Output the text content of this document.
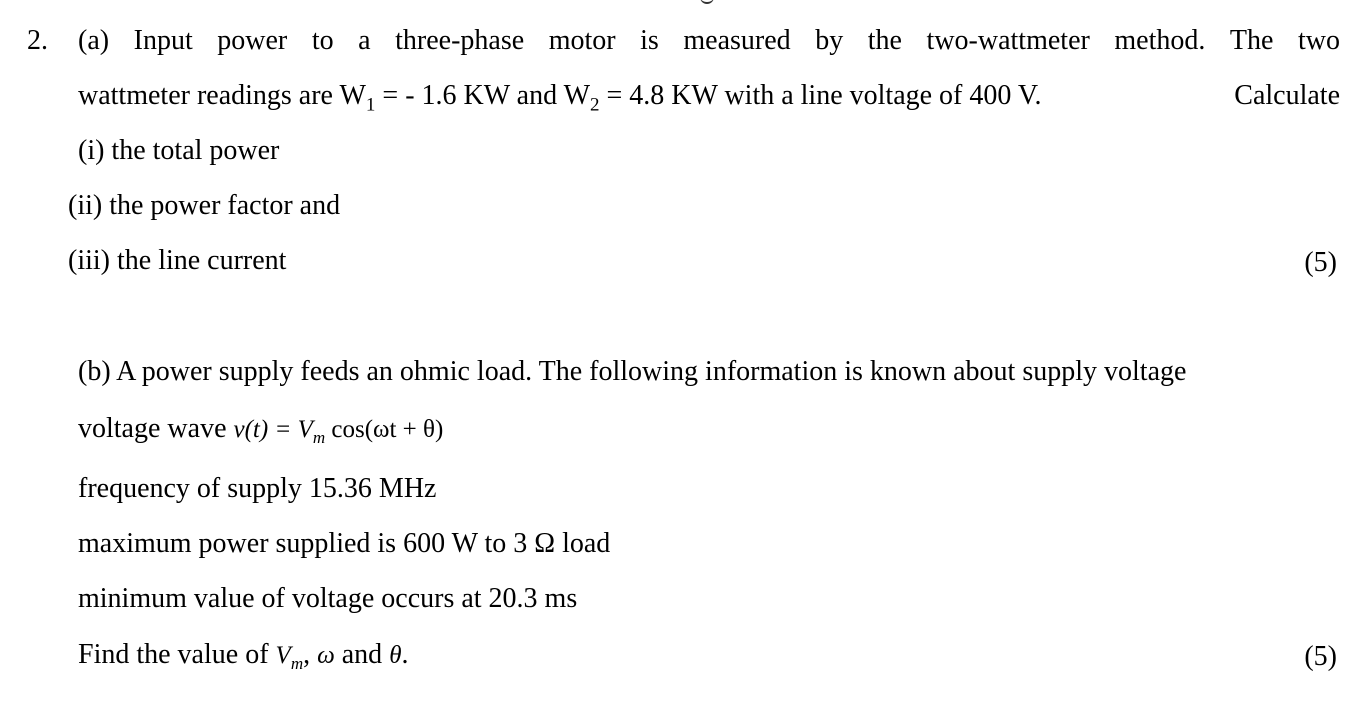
2. (a) Input power to a three-phase motor is measured by the two-wattmeter method. The two
wattmeter readings are $W_1$ = - 1.6 KW and $W_2 = 4.8$ KW with a line voltage of 400 V.	Calculate
(i) the total power
(ii) the power factor and
(iii) the line current	(5)
(b) A power supply feeds an ohmic load. The following information is known about supply voltage
voltage wave $v(t) = V_m$ cos(ωt + θ)
frequency of supply 15.36 MHz
maximum power supplied is 600 W to 3 Ω load
minimum value of voltage occurs at 20.3 ms
Find the value of $V_m$, ω and θ.	(5)
